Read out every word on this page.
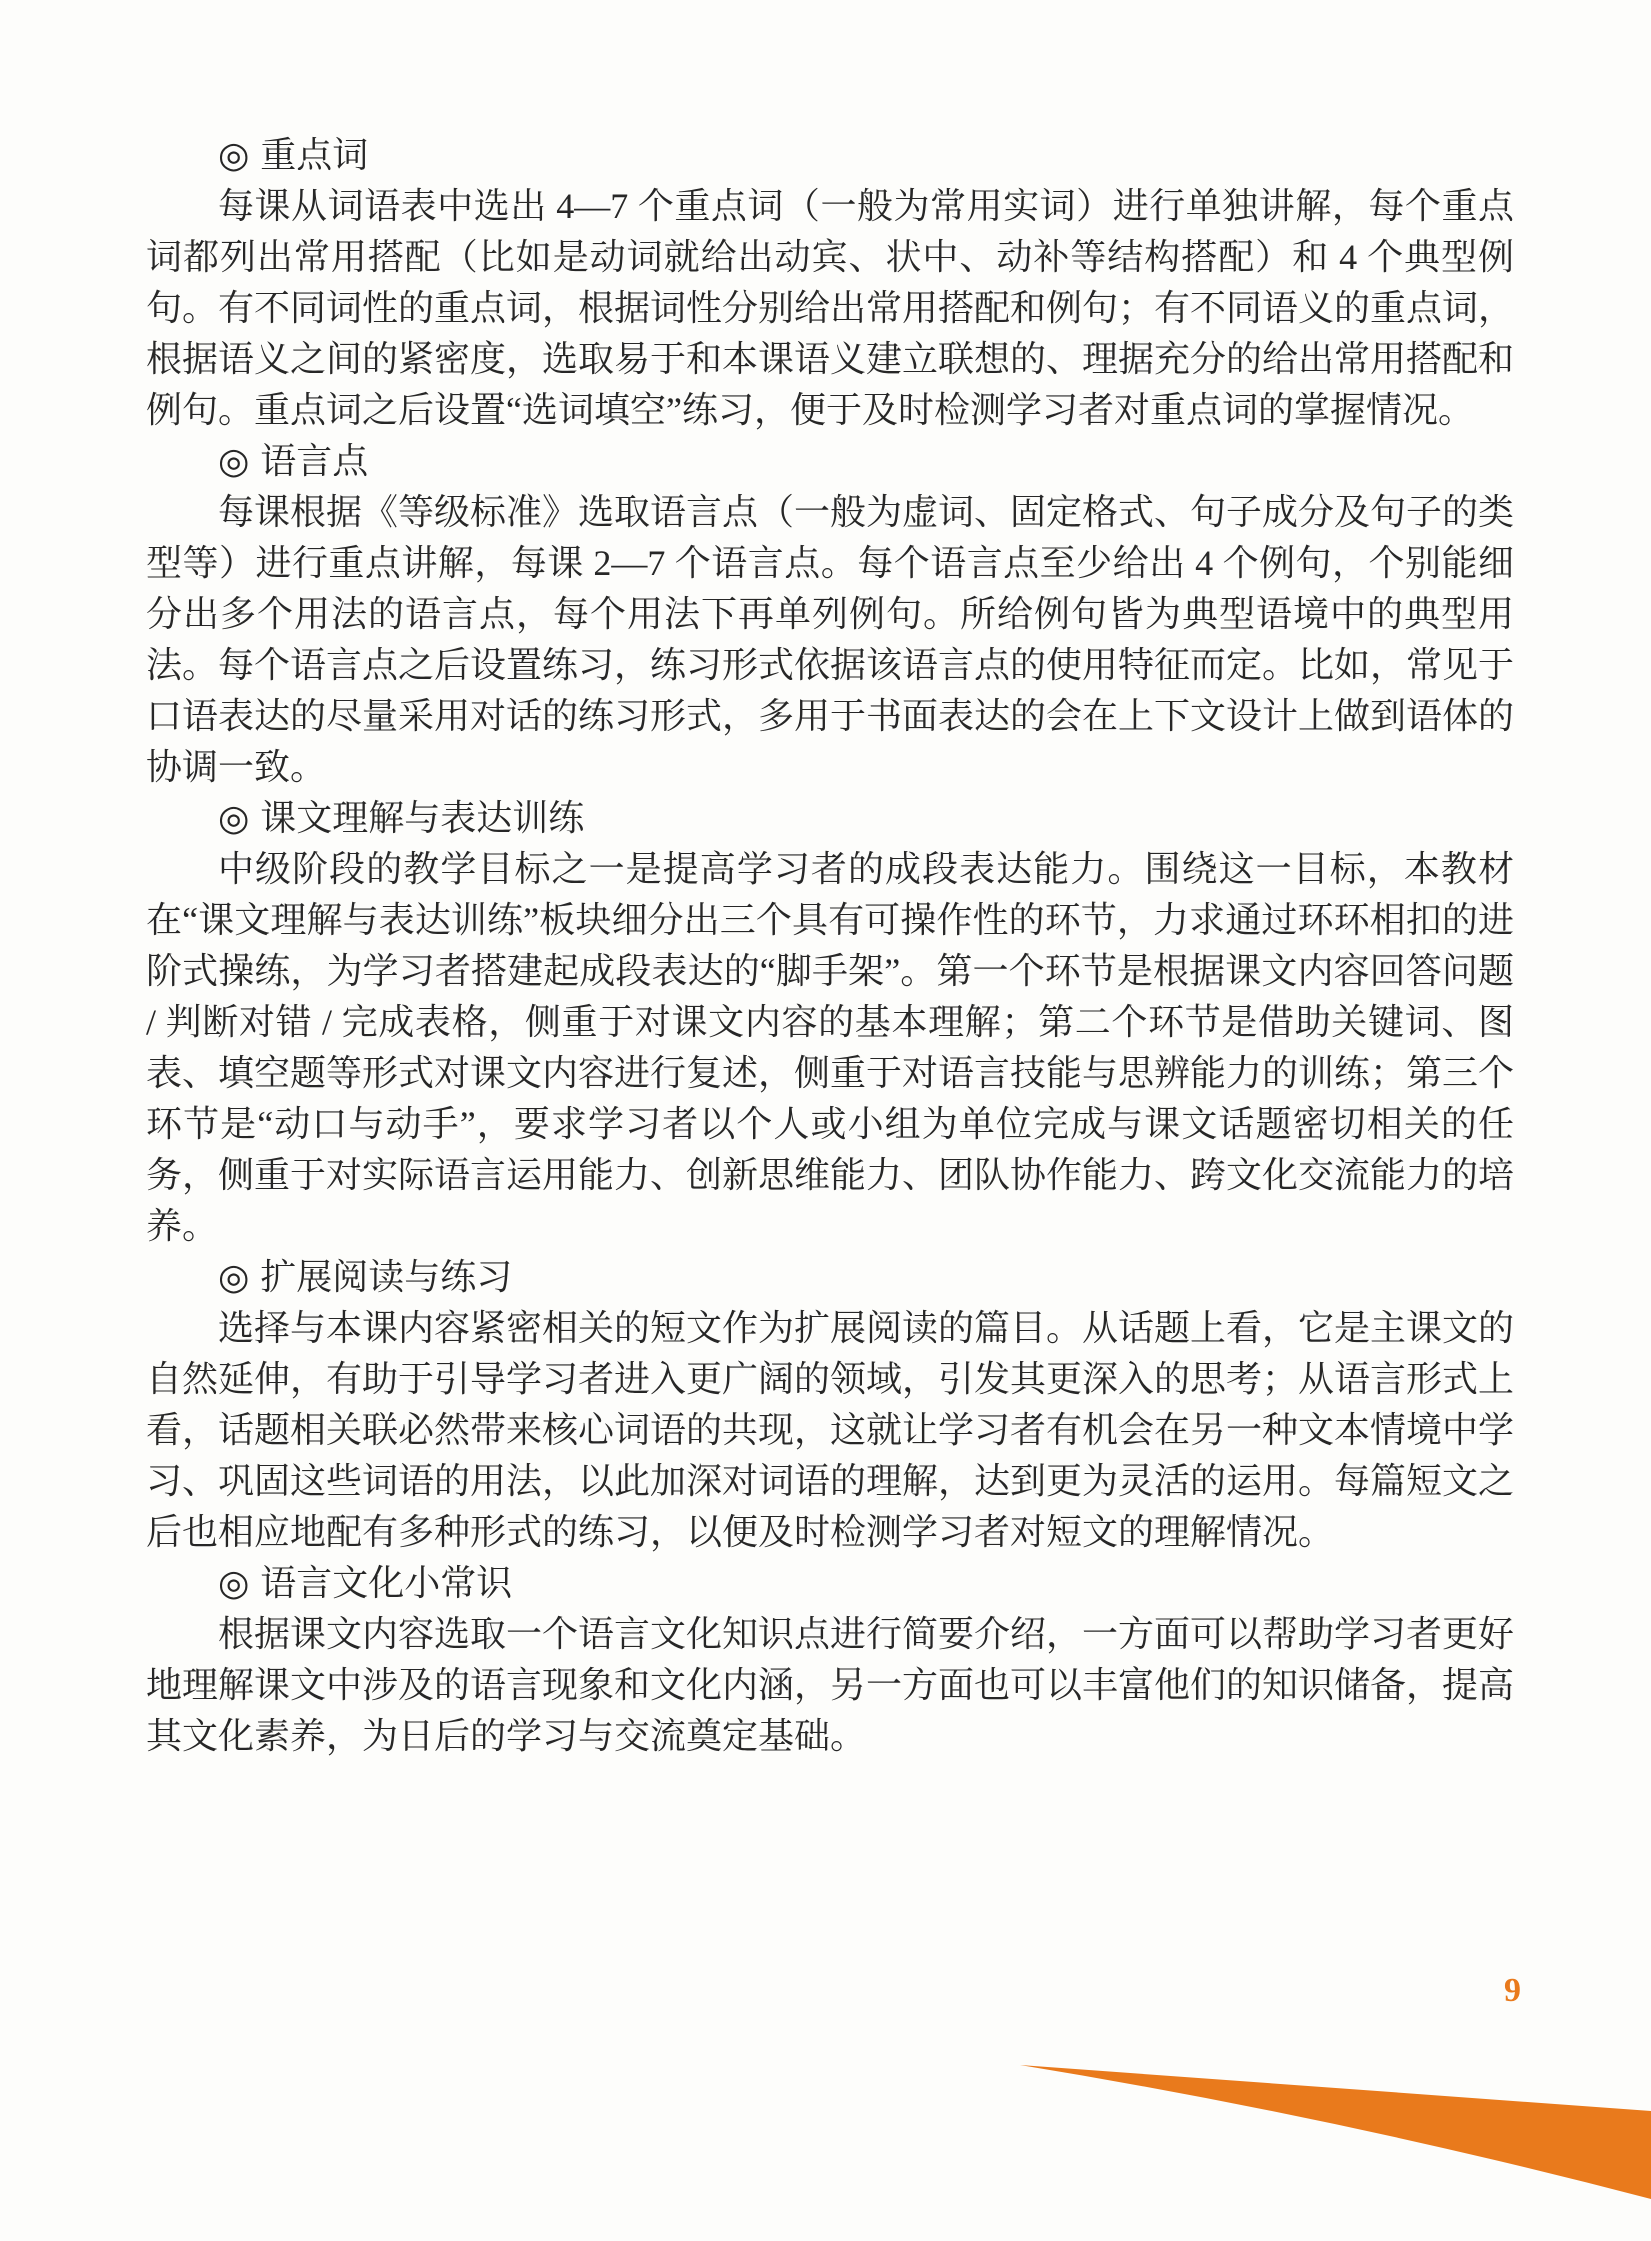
◎ 重点词

每课从词语表中选出 4—7 个重点词（一般为常用实词）进行单独讲解，每个重点词都列出常用搭配（比如是动词就给出动宾、状中、动补等结构搭配）和 4 个典型例句。有不同词性的重点词，根据词性分别给出常用搭配和例句；有不同语义的重点词，根据语义之间的紧密度，选取易于和本课语义建立联想的、理据充分的给出常用搭配和例句。重点词之后设置“选词填空”练习，便于及时检测学习者对重点词的掌握情况。

◎ 语言点

每课根据《等级标准》选取语言点（一般为虚词、固定格式、句子成分及句子的类型等）进行重点讲解，每课 2—7 个语言点。每个语言点至少给出 4 个例句，个别能细分出多个用法的语言点，每个用法下再单列例句。所给例句皆为典型语境中的典型用法。每个语言点之后设置练习，练习形式依据该语言点的使用特征而定。比如，常见于口语表达的尽量采用对话的练习形式，多用于书面表达的会在上下文设计上做到语体的协调一致。

◎ 课文理解与表达训练

中级阶段的教学目标之一是提高学习者的成段表达能力。围绕这一目标，本教材在“课文理解与表达训练”板块细分出三个具有可操作性的环节，力求通过环环相扣的进阶式操练，为学习者搭建起成段表达的“脚手架”。第一个环节是根据课文内容回答问题 / 判断对错 / 完成表格，侧重于对课文内容的基本理解；第二个环节是借助关键词、图表、填空题等形式对课文内容进行复述，侧重于对语言技能与思辨能力的训练；第三个环节是“动口与动手”，要求学习者以个人或小组为单位完成与课文话题密切相关的任务，侧重于对实际语言运用能力、创新思维能力、团队协作能力、跨文化交流能力的培养。

◎ 扩展阅读与练习

选择与本课内容紧密相关的短文作为扩展阅读的篇目。从话题上看，它是主课文的自然延伸，有助于引导学习者进入更广阔的领域，引发其更深入的思考；从语言形式上看，话题相关联必然带来核心词语的共现，这就让学习者有机会在另一种文本情境中学习、巩固这些词语的用法，以此加深对词语的理解，达到更为灵活的运用。每篇短文之后也相应地配有多种形式的练习，以便及时检测学习者对短文的理解情况。

◎ 语言文化小常识

根据课文内容选取一个语言文化知识点进行简要介绍，一方面可以帮助学习者更好地理解课文中涉及的语言现象和文化内涵，另一方面也可以丰富他们的知识储备，提高其文化素养，为日后的学习与交流奠定基础。

9
